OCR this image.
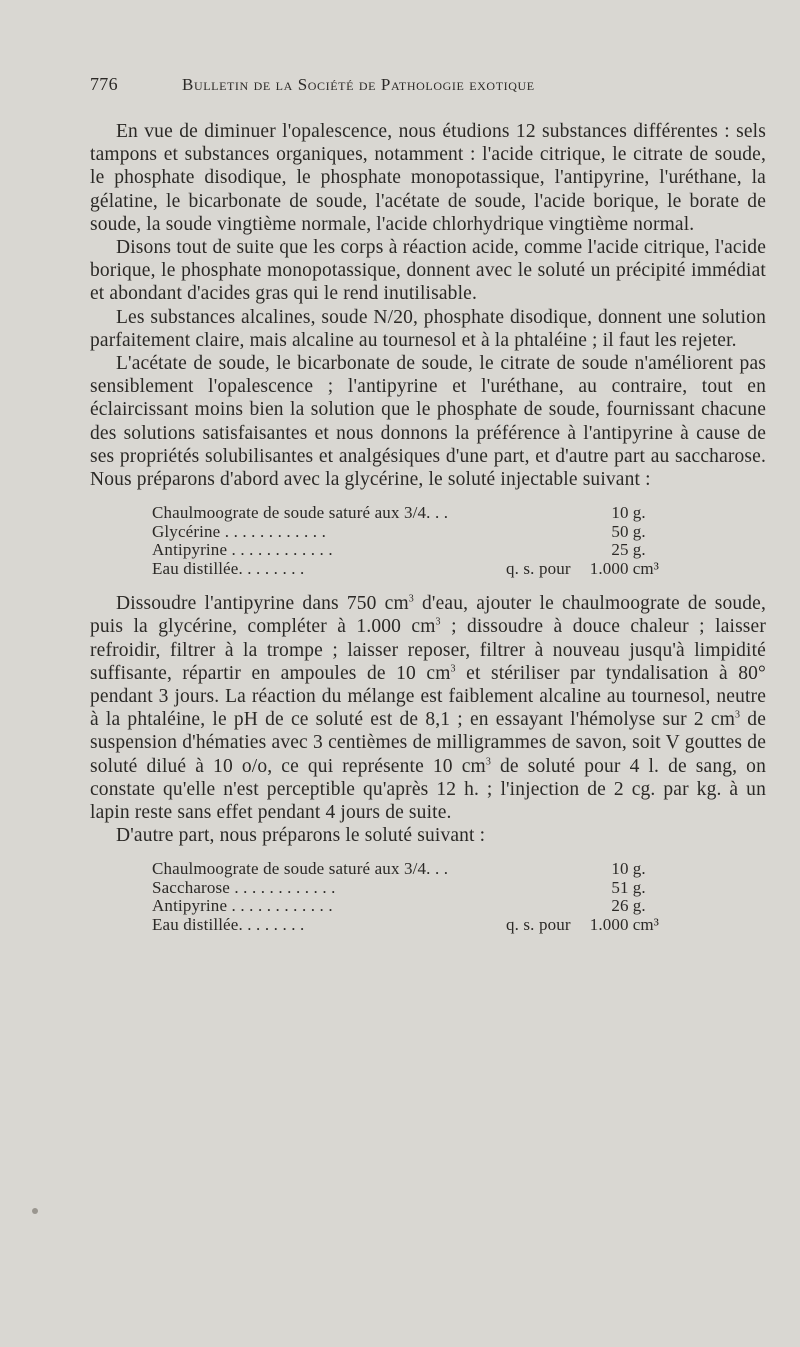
776	Bulletin de la Société de Pathologie exotique

En vue de diminuer l'opalescence, nous étudions 12 substances différentes : sels tampons et substances organiques, notamment : l'acide citrique, le citrate de soude, le phosphate disodique, le phosphate monopotassique, l'antipyrine, l'uréthane, la gélatine, le bicarbonate de soude, l'acétate de soude, l'acide borique, le borate de soude, la soude vingtième normale, l'acide chlorhydrique vingtième normal.

Disons tout de suite que les corps à réaction acide, comme l'acide citrique, l'acide borique, le phosphate monopotassique, donnent avec le soluté un précipité immédiat et abondant d'acides gras qui le rend inutilisable.

Les substances alcalines, soude N/20, phosphate disodique, donnent une solution parfaitement claire, mais alcaline au tournesol et à la phtaléine ; il faut les rejeter.

L'acétate de soude, le bicarbonate de soude, le citrate de soude n'améliorent pas sensiblement l'opalescence ; l'antipyrine et l'uréthane, au contraire, tout en éclaircissant moins bien la solution que le phosphate de soude, fournissant chacune des solutions satisfaisantes et nous donnons la préférence à l'antipyrine à cause de ses propriétés solubilisantes et analgésiques d'une part, et d'autre part au saccharose. Nous préparons d'abord avec la glycérine, le soluté injectable suivant :

Chaulmoograte de soude saturé aux 3/4. . .		10	g.
Glycérine . . . . . . . . . . . .		50	g.
Antipyrine . . . . . . . . . . . .		25	g.
Eau distillée. . . . . . . .	q. s. pour	1.000	cm³

Dissoudre l'antipyrine dans 750 $cm^3$ d'eau, ajouter le chaulmoograte de soude, puis la glycérine, compléter à 1.000 $cm^3$ ; dissoudre à douce chaleur ; laisser refroidir, filtrer à la trompe ; laisser reposer, filtrer à nouveau jusqu'à limpidité suffisante, répartir en ampoules de 10 $cm^3$ et stériliser par tyndalisation à 80° pendant 3 jours. La réaction du mélange est faiblement alcaline au tournesol, neutre à la phtaléine, le pH de ce soluté est de 8,1 ; en essayant l'hémolyse sur 2 $cm^3$ de suspension d'hématies avec 3 centièmes de milligrammes de savon, soit V gouttes de soluté dilué à 10 o/o, ce qui représente 10 $cm^3$ de soluté pour 4 l. de sang, on constate qu'elle n'est perceptible qu'après 12 h. ; l'injection de 2 cg. par kg. à un lapin reste sans effet pendant 4 jours de suite.

D'autre part, nous préparons le soluté suivant :

Chaulmoograte de soude saturé aux 3/4. . .		10	g.
Saccharose . . . . . . . . . . . .		51	g.
Antipyrine . . . . . . . . . . . .		26	g.
Eau distillée. . . . . . . .	q. s. pour	1.000	cm³
